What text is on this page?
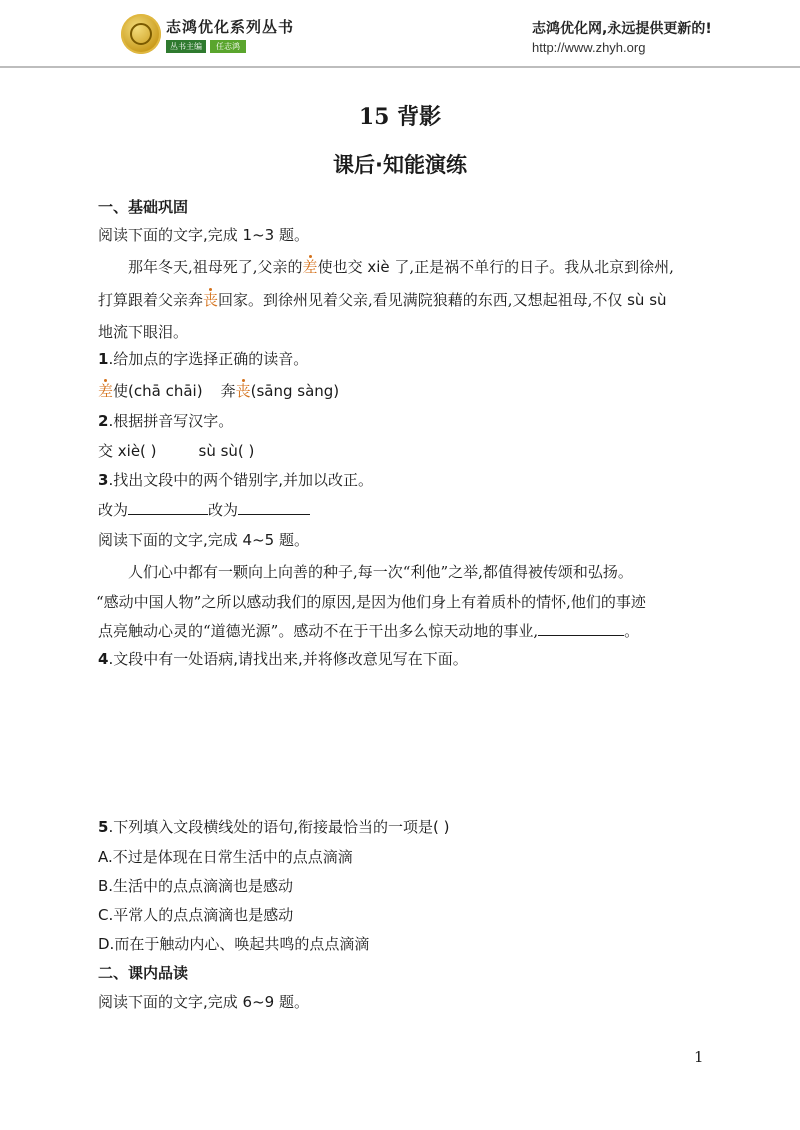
志鸿优化系列丛书
丛书主编	任志鸿
志鸿优化网,永远提供更新的!
http://www.zhyh.org
15 背影
课后·知能演练
一、基础巩固
阅读下面的文字,完成 1~3 题。
那年冬天,祖母死了,父亲的差使也交 xiè 了,正是祸不单行的日子。我从北京到徐州,
打算跟着父亲奔丧回家。到徐州见着父亲,看见满院狼藉的东西,又想起祖母,不仅 sù sù
地流下眼泪。
1.给加点的字选择正确的读音。
差使(chā chāi) 奔丧(sāng sàng)
2.根据拼音写汉字。
交 xiè( )	sù sù( )
3.找出文段中的两个错别字,并加以改正。
改为	改为
阅读下面的文字,完成 4~5 题。
人们心中都有一颗向上向善的种子,每一次“利他”之举,都值得被传颂和弘扬。
“感动中国人物”之所以感动我们的原因,是因为他们身上有着质朴的情怀,他们的事迹
点亮触动心灵的“道德光源”。感动不在于干出多么惊天动地的事业,	。
4.文段中有一处语病,请找出来,并将修改意见写在下面。
5.下列填入文段横线处的语句,衔接最恰当的一项是( )
A.不过是体现在日常生活中的点点滴滴
B.生活中的点点滴滴也是感动
C.平常人的点点滴滴也是感动
D.而在于触动内心、唤起共鸣的点点滴滴
二、课内品读
阅读下面的文字,完成 6~9 题。
1
